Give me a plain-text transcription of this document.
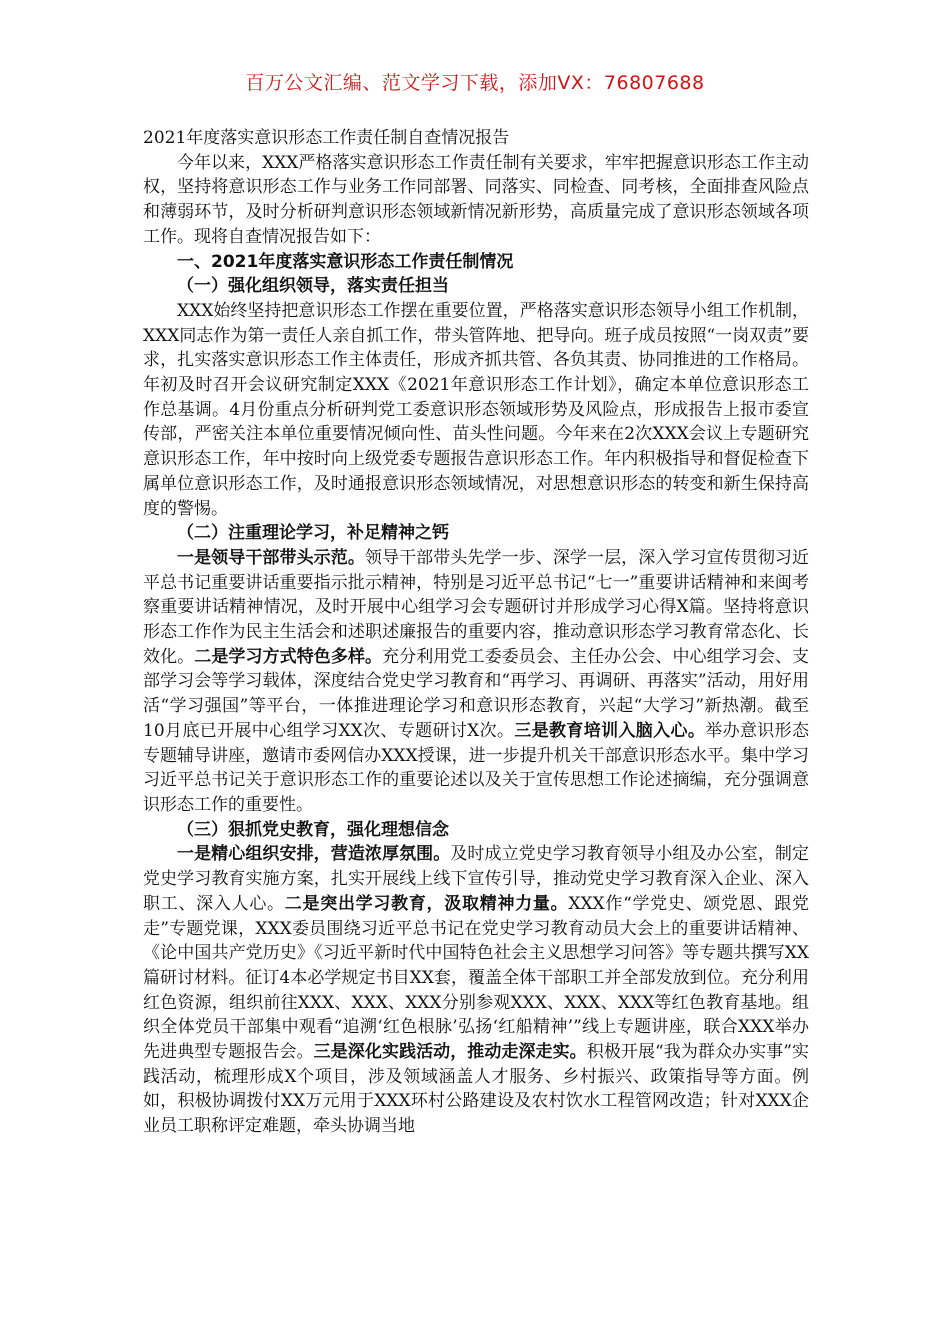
百万公文汇编、范文学习下载，添加VX：76807688

2021年度落实意识形态工作责任制自查情况报告

今年以来，XXX严格落实意识形态工作责任制有关要求，牢牢把握意识形态工作主动权，坚持将意识形态工作与业务工作同部署、同落实、同检查、同考核，全面排查风险点和薄弱环节，及时分析研判意识形态领域新情况新形势，高质量完成了意识形态领域各项工作。现将自查情况报告如下：

一、2021年度落实意识形态工作责任制情况

（一）强化组织领导，落实责任担当

XXX始终坚持把意识形态工作摆在重要位置，严格落实意识形态领导小组工作机制，XXX同志作为第一责任人亲自抓工作，带头管阵地、把导向。班子成员按照“一岗双责”要求，扎实落实意识形态工作主体责任，形成齐抓共管、各负其责、协同推进的工作格局。年初及时召开会议研究制定XXX《2021年意识形态工作计划》，确定本单位意识形态工作总基调。4月份重点分析研判党工委意识形态领域形势及风险点，形成报告上报市委宣传部，严密关注本单位重要情况倾向性、苗头性问题。今年来在2次XXX会议上专题研究意识形态工作，年中按时向上级党委专题报告意识形态工作。年内积极指导和督促检查下属单位意识形态工作，及时通报意识形态领域情况，对思想意识形态的转变和新生保持高度的警惕。

（二）注重理论学习，补足精神之钙

一是领导干部带头示范。领导干部带头先学一步、深学一层，深入学习宣传贯彻习近平总书记重要讲话重要指示批示精神，特别是习近平总书记“七一”重要讲话精神和来闽考察重要讲话精神情况，及时开展中心组学习会专题研讨并形成学习心得X篇。坚持将意识形态工作作为民主生活会和述职述廉报告的重要内容，推动意识形态学习教育常态化、长效化。二是学习方式特色多样。充分利用党工委委员会、主任办公会、中心组学习会、支部学习会等学习载体，深度结合党史学习教育和“再学习、再调研、再落实”活动，用好用活“学习强国”等平台，一体推进理论学习和意识形态教育，兴起“大学习”新热潮。截至10月底已开展中心组学习XX次、专题研讨X次。三是教育培训入脑入心。举办意识形态专题辅导讲座，邀请市委网信办XXX授课，进一步提升机关干部意识形态水平。集中学习习近平总书记关于意识形态工作的重要论述以及关于宣传思想工作论述摘编，充分强调意识形态工作的重要性。

（三）狠抓党史教育，强化理想信念

一是精心组织安排，营造浓厚氛围。及时成立党史学习教育领导小组及办公室，制定党史学习教育实施方案，扎实开展线上线下宣传引导，推动党史学习教育深入企业、深入职工、深入人心。二是突出学习教育，汲取精神力量。XXX作“学党史、颂党恩、跟党走”专题党课，XXX委员围绕习近平总书记在党史学习教育动员大会上的重要讲话精神、《论中国共产党历史》《习近平新时代中国特色社会主义思想学习问答》等专题共撰写XX篇研讨材料。征订4本必学规定书目XX套，覆盖全体干部职工并全部发放到位。充分利用红色资源，组织前往XXX、XXX、XXX分别参观XXX、XXX、XXX等红色教育基地。组织全体党员干部集中观看“追溯‘红色根脉’弘扬‘红船精神’”线上专题讲座，联合XXX举办先进典型专题报告会。三是深化实践活动，推动走深走实。积极开展“我为群众办实事”实践活动，梳理形成X个项目，涉及领域涵盖人才服务、乡村振兴、政策指导等方面。例如，积极协调拨付XX万元用于XXX环村公路建设及农村饮水工程管网改造；针对XXX企业员工职称评定难题，牵头协调当地
